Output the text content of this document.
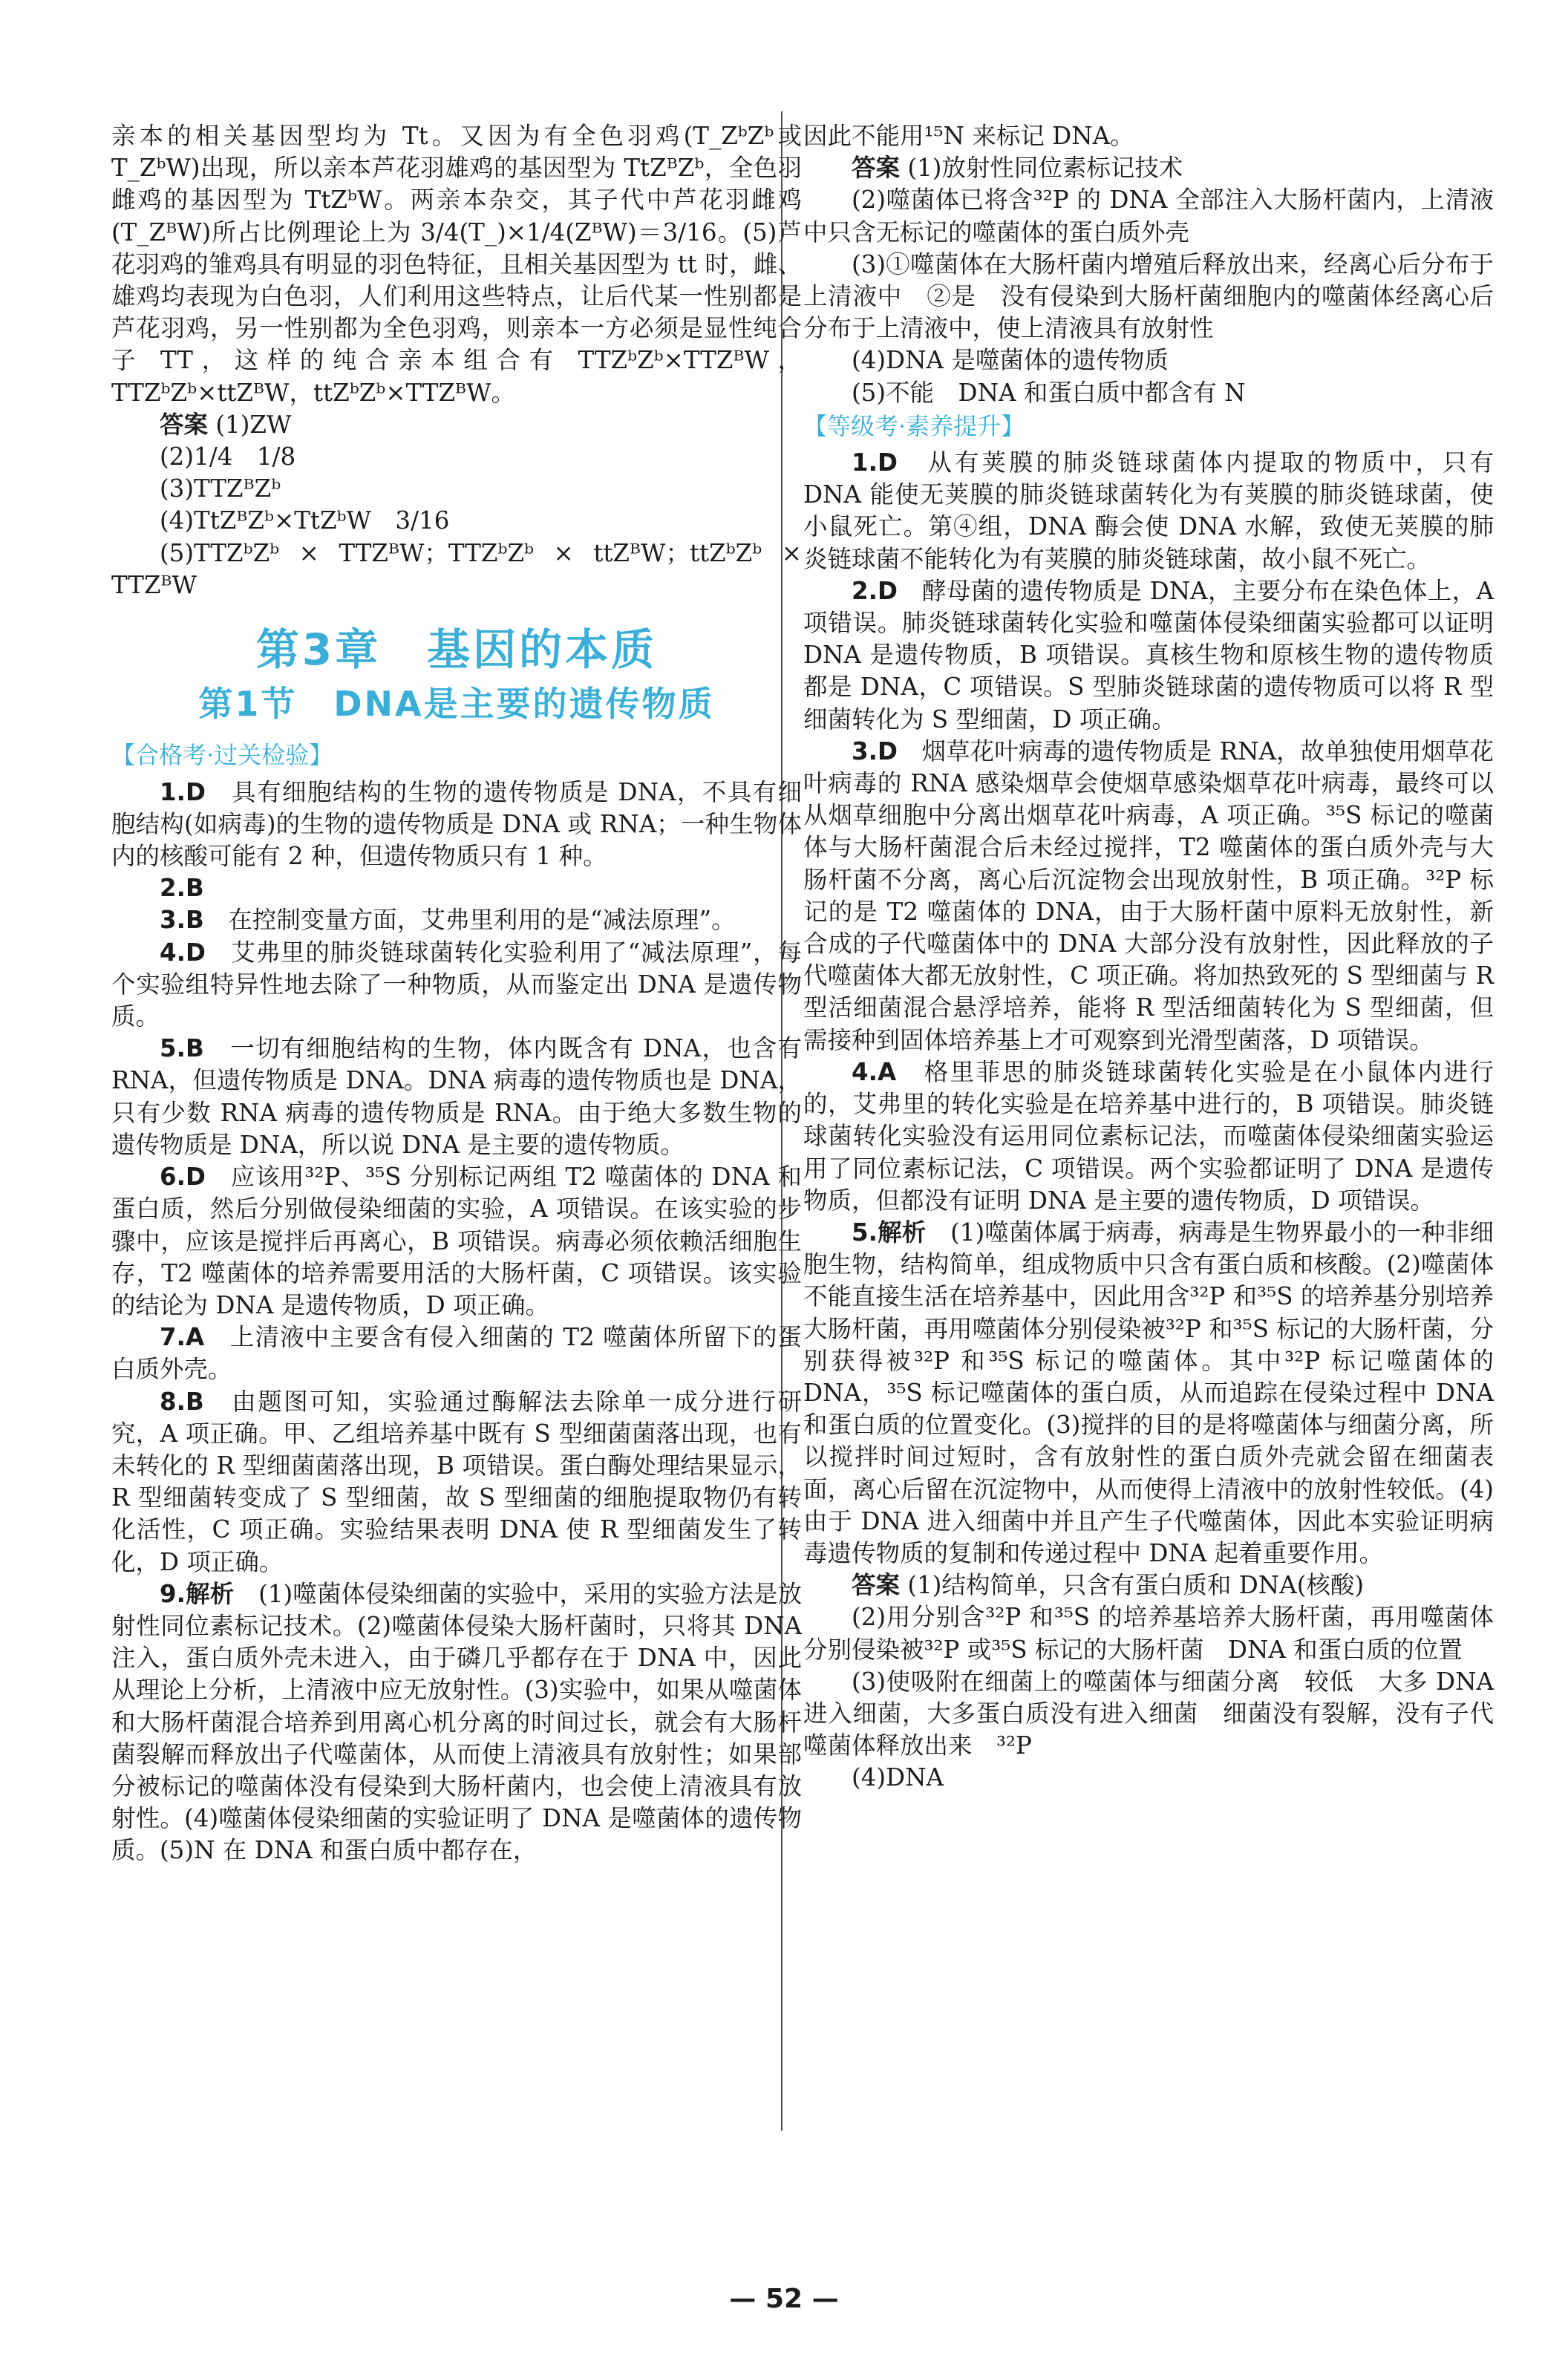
亲本的相关基因型均为 Tt。又因为有全色羽鸡(T_ZᵇZᵇ或 T_ZᵇW)出现，所以亲本芦花羽雄鸡的基因型为 TtZᴮZᵇ，全色羽雌鸡的基因型为 TtZᵇW。两亲本杂交，其子代中芦花羽雌鸡(T_ZᴮW)所占比例理论上为 3/4(T_)×1/4(ZᴮW)＝3/16。(5)芦花羽鸡的雏鸡具有明显的羽色特征，且相关基因型为 tt 时，雌、雄鸡均表现为白色羽，人们利用这些特点，让后代某一性别都是芦花羽鸡，另一性别都为全色羽鸡，则亲本一方必须是显性纯合子 TT，这样的纯合亲本组合有 TTZᵇZᵇ×TTZᴮW，TTZᵇZᵇ×ttZᴮW，ttZᵇZᵇ×TTZᴮW。

答案 (1)ZW

(2)1/4　1/8

(3)TTZᴮZᵇ

(4)TtZᴮZᵇ×TtZᵇW　3/16

(5)TTZᵇZᵇ × TTZᴮW；TTZᵇZᵇ × ttZᴮW；ttZᵇZᵇ × TTZᴮW

第3章　基因的本质
第1节　DNA是主要的遗传物质
【合格考·过关检验】

1.D　具有细胞结构的生物的遗传物质是 DNA，不具有细胞结构(如病毒)的生物的遗传物质是 DNA 或 RNA；一种生物体内的核酸可能有 2 种，但遗传物质只有 1 种。

2.B

3.B　在控制变量方面，艾弗里利用的是“减法原理”。

4.D　艾弗里的肺炎链球菌转化实验利用了“减法原理”，每个实验组特异性地去除了一种物质，从而鉴定出 DNA 是遗传物质。

5.B　一切有细胞结构的生物，体内既含有 DNA，也含有 RNA，但遗传物质是 DNA。DNA 病毒的遗传物质也是 DNA，只有少数 RNA 病毒的遗传物质是 RNA。由于绝大多数生物的遗传物质是 DNA，所以说 DNA 是主要的遗传物质。

6.D　应该用³²P、³⁵S 分别标记两组 T2 噬菌体的 DNA 和蛋白质，然后分别做侵染细菌的实验，A 项错误。在该实验的步骤中，应该是搅拌后再离心，B 项错误。病毒必须依赖活细胞生存，T2 噬菌体的培养需要用活的大肠杆菌，C 项错误。该实验的结论为 DNA 是遗传物质，D 项正确。

7.A　上清液中主要含有侵入细菌的 T2 噬菌体所留下的蛋白质外壳。

8.B　由题图可知，实验通过酶解法去除单一成分进行研究，A 项正确。甲、乙组培养基中既有 S 型细菌菌落出现，也有未转化的 R 型细菌菌落出现，B 项错误。蛋白酶处理结果显示，R 型细菌转变成了 S 型细菌，故 S 型细菌的细胞提取物仍有转化活性，C 项正确。实验结果表明 DNA 使 R 型细菌发生了转化，D 项正确。

9.解析　(1)噬菌体侵染细菌的实验中，采用的实验方法是放射性同位素标记技术。(2)噬菌体侵染大肠杆菌时，只将其 DNA 注入，蛋白质外壳未进入，由于磷几乎都存在于 DNA 中，因此从理论上分析，上清液中应无放射性。(3)实验中，如果从噬菌体和大肠杆菌混合培养到用离心机分离的时间过长，就会有大肠杆菌裂解而释放出子代噬菌体，从而使上清液具有放射性；如果部分被标记的噬菌体没有侵染到大肠杆菌内，也会使上清液具有放射性。(4)噬菌体侵染细菌的实验证明了 DNA 是噬菌体的遗传物质。(5)N 在 DNA 和蛋白质中都存在，

因此不能用¹⁵N 来标记 DNA。

答案 (1)放射性同位素标记技术

(2)噬菌体已将含³²P 的 DNA 全部注入大肠杆菌内，上清液中只含无标记的噬菌体的蛋白质外壳

(3)①噬菌体在大肠杆菌内增殖后释放出来，经离心后分布于上清液中　②是　没有侵染到大肠杆菌细胞内的噬菌体经离心后分布于上清液中，使上清液具有放射性

(4)DNA 是噬菌体的遗传物质

(5)不能　DNA 和蛋白质中都含有 N

【等级考·素养提升】

1.D　从有荚膜的肺炎链球菌体内提取的物质中，只有 DNA 能使无荚膜的肺炎链球菌转化为有荚膜的肺炎链球菌，使小鼠死亡。第④组，DNA 酶会使 DNA 水解，致使无荚膜的肺炎链球菌不能转化为有荚膜的肺炎链球菌，故小鼠不死亡。

2.D　酵母菌的遗传物质是 DNA，主要分布在染色体上，A 项错误。肺炎链球菌转化实验和噬菌体侵染细菌实验都可以证明 DNA 是遗传物质，B 项错误。真核生物和原核生物的遗传物质都是 DNA，C 项错误。S 型肺炎链球菌的遗传物质可以将 R 型细菌转化为 S 型细菌，D 项正确。

3.D　烟草花叶病毒的遗传物质是 RNA，故单独使用烟草花叶病毒的 RNA 感染烟草会使烟草感染烟草花叶病毒，最终可以从烟草细胞中分离出烟草花叶病毒，A 项正确。³⁵S 标记的噬菌体与大肠杆菌混合后未经过搅拌，T2 噬菌体的蛋白质外壳与大肠杆菌不分离，离心后沉淀物会出现放射性，B 项正确。³²P 标记的是 T2 噬菌体的 DNA，由于大肠杆菌中原料无放射性，新合成的子代噬菌体中的 DNA 大部分没有放射性，因此释放的子代噬菌体大都无放射性，C 项正确。将加热致死的 S 型细菌与 R 型活细菌混合悬浮培养，能将 R 型活细菌转化为 S 型细菌，但需接种到固体培养基上才可观察到光滑型菌落，D 项错误。

4.A　格里菲思的肺炎链球菌转化实验是在小鼠体内进行的，艾弗里的转化实验是在培养基中进行的，B 项错误。肺炎链球菌转化实验没有运用同位素标记法，而噬菌体侵染细菌实验运用了同位素标记法，C 项错误。两个实验都证明了 DNA 是遗传物质，但都没有证明 DNA 是主要的遗传物质，D 项错误。

5.解析　(1)噬菌体属于病毒，病毒是生物界最小的一种非细胞生物，结构简单，组成物质中只含有蛋白质和核酸。(2)噬菌体不能直接生活在培养基中，因此用含³²P 和³⁵S 的培养基分别培养大肠杆菌，再用噬菌体分别侵染被³²P 和³⁵S 标记的大肠杆菌，分别获得被³²P 和³⁵S 标记的噬菌体。其中³²P 标记噬菌体的 DNA，³⁵S 标记噬菌体的蛋白质，从而追踪在侵染过程中 DNA 和蛋白质的位置变化。(3)搅拌的目的是将噬菌体与细菌分离，所以搅拌时间过短时，含有放射性的蛋白质外壳就会留在细菌表面，离心后留在沉淀物中，从而使得上清液中的放射性较低。(4)由于 DNA 进入细菌中并且产生子代噬菌体，因此本实验证明病毒遗传物质的复制和传递过程中 DNA 起着重要作用。

答案 (1)结构简单，只含有蛋白质和 DNA(核酸)

(2)用分别含³²P 和³⁵S 的培养基培养大肠杆菌，再用噬菌体分别侵染被³²P 或³⁵S 标记的大肠杆菌　DNA 和蛋白质的位置

(3)使吸附在细菌上的噬菌体与细菌分离　较低　大多 DNA 进入细菌，大多蛋白质没有进入细菌　细菌没有裂解，没有子代噬菌体释放出来　³²P

(4)DNA

— 52 —
